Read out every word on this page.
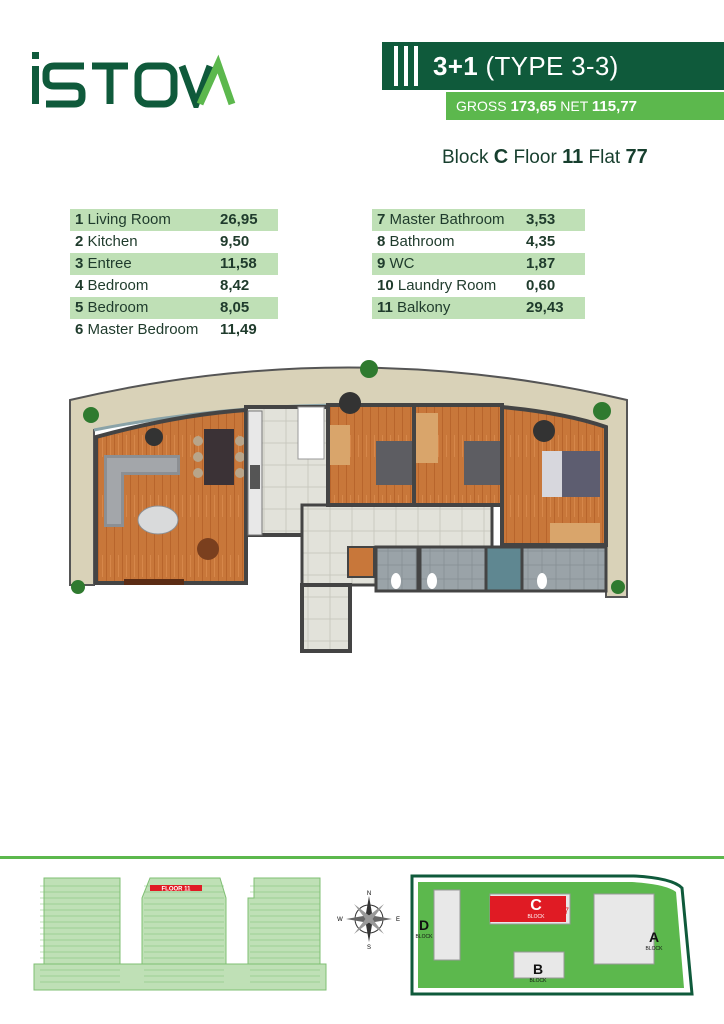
3+1 (TYPE 3-3)
GROSS 173,65 NET 115,77
Block C Floor 11 Flat 77
1 Living Room	26,95
2 Kitchen	9,50
3 Entree	11,58
4 Bedroom	8,42
5 Bedroom	8,05
6 Master Bedroom 11,49
7 Master Bathroom 3,53
8 Bathroom	4,35
9 WC	1,87
10 Laundry Room 0,60
11 Balkony	29,43
FLOOR 11
N
S
W	E
C
BLOCK
77
D
BLOCK	A
BLOCK
B
BLOCK
